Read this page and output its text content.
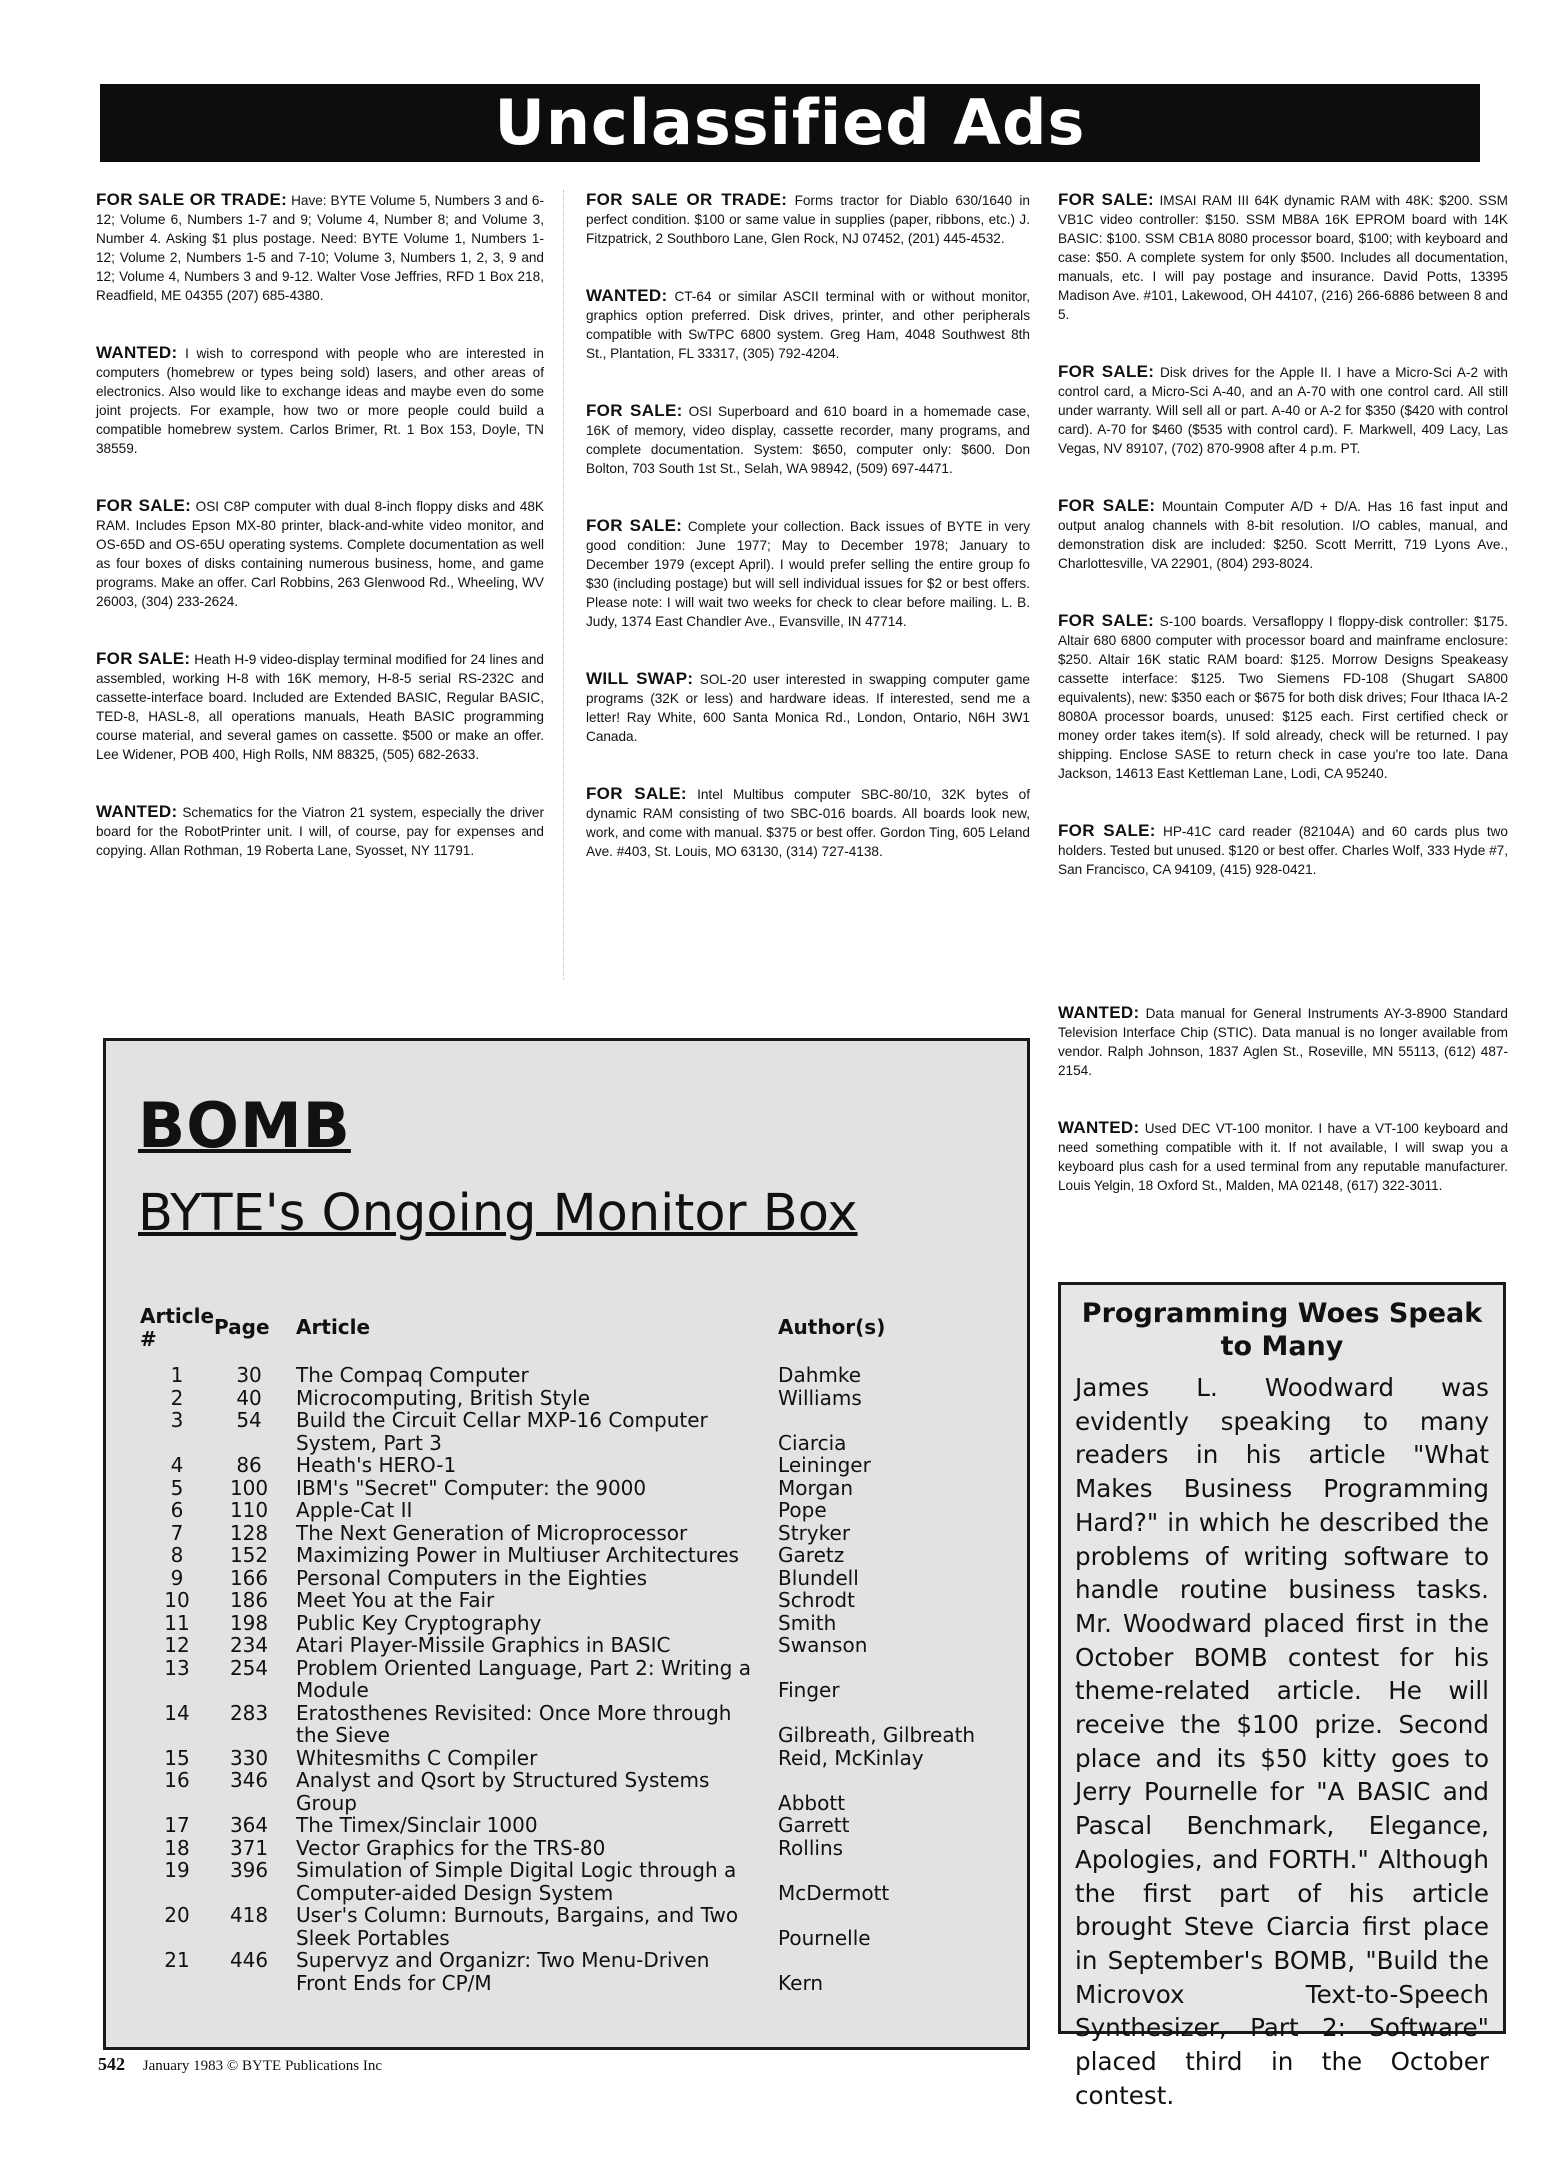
Unclassified Ads

FOR SALE OR TRADE: Have: BYTE Volume 5, Numbers 3 and 6-12; Volume 6, Numbers 1-7 and 9; Volume 4, Number 8; and Volume 3, Number 4. Asking $1 plus postage. Need: BYTE Volume 1, Numbers 1-12; Volume 2, Numbers 1-5 and 7-10; Volume 3, Numbers 1, 2, 3, 9 and 12; Volume 4, Numbers 3 and 9-12. Walter Vose Jeffries, RFD 1 Box 218, Readfield, ME 04355 (207) 685-4380.

WANTED: I wish to correspond with people who are interested in computers (homebrew or types being sold) lasers, and other areas of electronics. Also would like to exchange ideas and maybe even do some joint projects. For example, how two or more people could build a compatible homebrew system. Carlos Brimer, Rt. 1 Box 153, Doyle, TN 38559.

FOR SALE: OSI C8P computer with dual 8-inch floppy disks and 48K RAM. Includes Epson MX-80 printer, black-and-white video monitor, and OS-65D and OS-65U operating systems. Complete documentation as well as four boxes of disks containing numerous business, home, and game programs. Make an offer. Carl Robbins, 263 Glenwood Rd., Wheeling, WV 26003, (304) 233-2624.

FOR SALE: Heath H-9 video-display terminal modified for 24 lines and assembled, working H-8 with 16K memory, H-8-5 serial RS-232C and cassette-interface board. Included are Extended BASIC, Regular BASIC, TED-8, HASL-8, all operations manuals, Heath BASIC programming course material, and several games on cassette. $500 or make an offer. Lee Widener, POB 400, High Rolls, NM 88325, (505) 682-2633.

WANTED: Schematics for the Viatron 21 system, especially the driver board for the RobotPrinter unit. I will, of course, pay for expenses and copying. Allan Rothman, 19 Roberta Lane, Syosset, NY 11791.

FOR SALE OR TRADE: Forms tractor for Diablo 630/1640 in perfect condition. $100 or same value in supplies (paper, ribbons, etc.) J. Fitzpatrick, 2 Southboro Lane, Glen Rock, NJ 07452, (201) 445-4532.

WANTED: CT-64 or similar ASCII terminal with or without monitor, graphics option preferred. Disk drives, printer, and other peripherals compatible with SwTPC 6800 system. Greg Ham, 4048 Southwest 8th St., Plantation, FL 33317, (305) 792-4204.

FOR SALE: OSI Superboard and 610 board in a homemade case, 16K of memory, video display, cassette recorder, many programs, and complete documentation. System: $650, computer only: $600. Don Bolton, 703 South 1st St., Selah, WA 98942, (509) 697-4471.

FOR SALE: Complete your collection. Back issues of BYTE in very good condition: June 1977; May to December 1978; January to December 1979 (except April). I would prefer selling the entire group fo $30 (including postage) but will sell individual issues for $2 or best offers. Please note: I will wait two weeks for check to clear before mailing. L. B. Judy, 1374 East Chandler Ave., Evansville, IN 47714.

WILL SWAP: SOL-20 user interested in swapping computer game programs (32K or less) and hardware ideas. If interested, send me a letter! Ray White, 600 Santa Monica Rd., London, Ontario, N6H 3W1 Canada.

FOR SALE: Intel Multibus computer SBC-80/10, 32K bytes of dynamic RAM consisting of two SBC-016 boards. All boards look new, work, and come with manual. $375 or best offer. Gordon Ting, 605 Leland Ave. #403, St. Louis, MO 63130, (314) 727-4138.

FOR SALE: IMSAI RAM III 64K dynamic RAM with 48K: $200. SSM VB1C video controller: $150. SSM MB8A 16K EPROM board with 14K BASIC: $100. SSM CB1A 8080 processor board, $100; with keyboard and case: $50. A complete system for only $500. Includes all documentation, manuals, etc. I will pay postage and insurance. David Potts, 13395 Madison Ave. #101, Lakewood, OH 44107, (216) 266-6886 between 8 and 5.

FOR SALE: Disk drives for the Apple II. I have a Micro-Sci A-2 with control card, a Micro-Sci A-40, and an A-70 with one control card. All still under warranty. Will sell all or part. A-40 or A-2 for $350 ($420 with control card). A-70 for $460 ($535 with control card). F. Markwell, 409 Lacy, Las Vegas, NV 89107, (702) 870-9908 after 4 p.m. PT.

FOR SALE: Mountain Computer A/D + D/A. Has 16 fast input and output analog channels with 8-bit resolution. I/O cables, manual, and demonstration disk are included: $250. Scott Merritt, 719 Lyons Ave., Charlottesville, VA 22901, (804) 293-8024.

FOR SALE: S-100 boards. Versafloppy I floppy-disk controller: $175. Altair 680 6800 computer with processor board and mainframe enclosure: $250. Altair 16K static RAM board: $125. Morrow Designs Speakeasy cassette interface: $125. Two Siemens FD-108 (Shugart SA800 equivalents), new: $350 each or $675 for both disk drives; Four Ithaca IA-2 8080A processor boards, unused: $125 each. First certified check or money order takes item(s). If sold already, check will be returned. I pay shipping. Enclose SASE to return check in case you're too late. Dana Jackson, 14613 East Kettleman Lane, Lodi, CA 95240.

FOR SALE: HP-41C card reader (82104A) and 60 cards plus two holders. Tested but unused. $120 or best offer. Charles Wolf, 333 Hyde #7, San Francisco, CA 94109, (415) 928-0421.

WANTED: Data manual for General Instruments AY-3-8900 Standard Television Interface Chip (STIC). Data manual is no longer available from vendor. Ralph Johnson, 1837 Aglen St., Roseville, MN 55113, (612) 487-2154.

WANTED: Used DEC VT-100 monitor. I have a VT-100 keyboard and need something compatible with it. If not available, I will swap you a keyboard plus cash for a used terminal from any reputable manufacturer. Louis Yelgin, 18 Oxford St., Malden, MA 02148, (617) 322-3011.

BOMB
BYTE's Ongoing Monitor Box
Article #	Page	Article	Author(s)
1	30	The Compaq Computer	Dahmke
2	40	Microcomputing, British Style	Williams
3	54	Build the Circuit Cellar MXP-16 Computer System, Part 3	Ciarcia
4	86	Heath's HERO-1	Leininger
5	100	IBM's "Secret" Computer: the 9000	Morgan
6	110	Apple-Cat II	Pope
7	128	The Next Generation of Microprocessor	Stryker
8	152	Maximizing Power in Multiuser Architectures	Garetz
9	166	Personal Computers in the Eighties	Blundell
10	186	Meet You at the Fair	Schrodt
11	198	Public Key Cryptography	Smith
12	234	Atari Player-Missile Graphics in BASIC	Swanson
13	254	Problem Oriented Language, Part 2: Writing a Module	Finger
14	283	Eratosthenes Revisited: Once More through the Sieve	Gilbreath, Gilbreath
15	330	Whitesmiths C Compiler	Reid, McKinlay
16	346	Analyst and Qsort by Structured Systems Group	Abbott
17	364	The Timex/Sinclair 1000	Garrett
18	371	Vector Graphics for the TRS-80	Rollins
19	396	Simulation of Simple Digital Logic through a Computer-aided Design System	McDermott
20	418	User's Column: Burnouts, Bargains, and Two Sleek Portables	Pournelle
21	446	Supervyz and Organizr: Two Menu-Driven Front Ends for CP/M	Kern
Programming Woes Speak to Many
James L. Woodward was evidently speaking to many readers in his article "What Makes Business Programming Hard?" in which he described the problems of writing software to handle routine business tasks. Mr. Woodward placed first in the October BOMB contest for his theme-related article. He will receive the $100 prize. Second place and its $50 kitty goes to Jerry Pournelle for "A BASIC and Pascal Benchmark, Elegance, Apologies, and FORTH." Although the first part of his article brought Steve Ciarcia first place in September's BOMB, "Build the Microvox Text-to-Speech Synthesizer, Part 2: Software" placed third in the October contest.
542 January 1983 © BYTE Publications Inc
